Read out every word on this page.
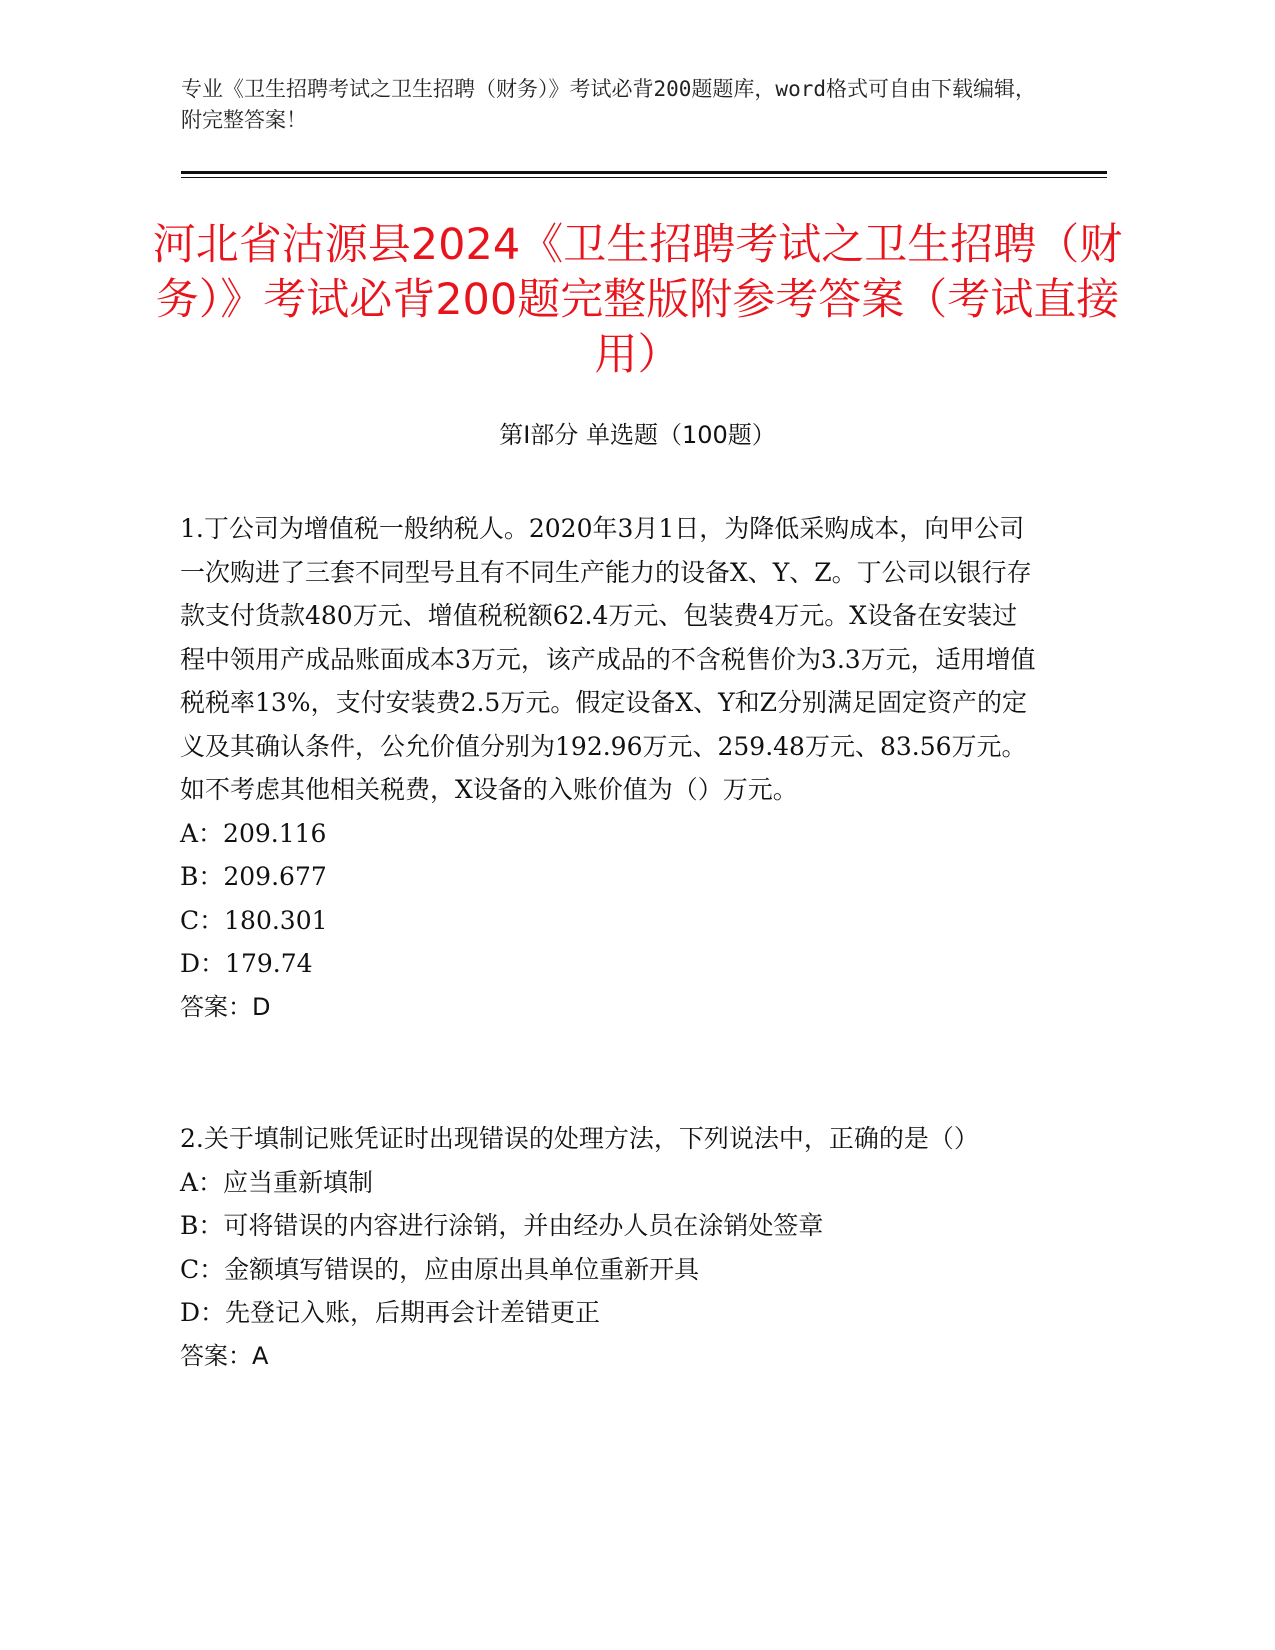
专业《卫生招聘考试之卫生招聘（财务）》考试必背200题题库，word格式可自由下载编辑，附完整答案！
河北省沽源县2024《卫生招聘考试之卫生招聘（财务）》考试必背200题完整版附参考答案（考试直接用）
第Ⅰ部分 单选题（100题）

1.丁公司为增值税一般纳税人。2020年3月1日，为降低采购成本，向甲公司一次购进了三套不同型号且有不同生产能力的设备X、Y、Z。丁公司以银行存款支付货款480万元、增值税税额62.4万元、包装费4万元。X设备在安装过程中领用产成品账面成本3万元，该产成品的不含税售价为3.3万元，适用增值税税率13%，支付安装费2.5万元。假定设备X、Y和Z分别满足固定资产的定义及其确认条件，公允价值分别为192.96万元、259.48万元、83.56万元。如不考虑其他相关税费，X设备的入账价值为（）万元。

A：209.116

B：209.677

C：180.301

D：179.74

答案：D

2.关于填制记账凭证时出现错误的处理方法，下列说法中，正确的是（）

A：应当重新填制

B：可将错误的内容进行涂销，并由经办人员在涂销处签章

C：金额填写错误的，应由原出具单位重新开具

D：先登记入账，后期再会计差错更正

答案：A
